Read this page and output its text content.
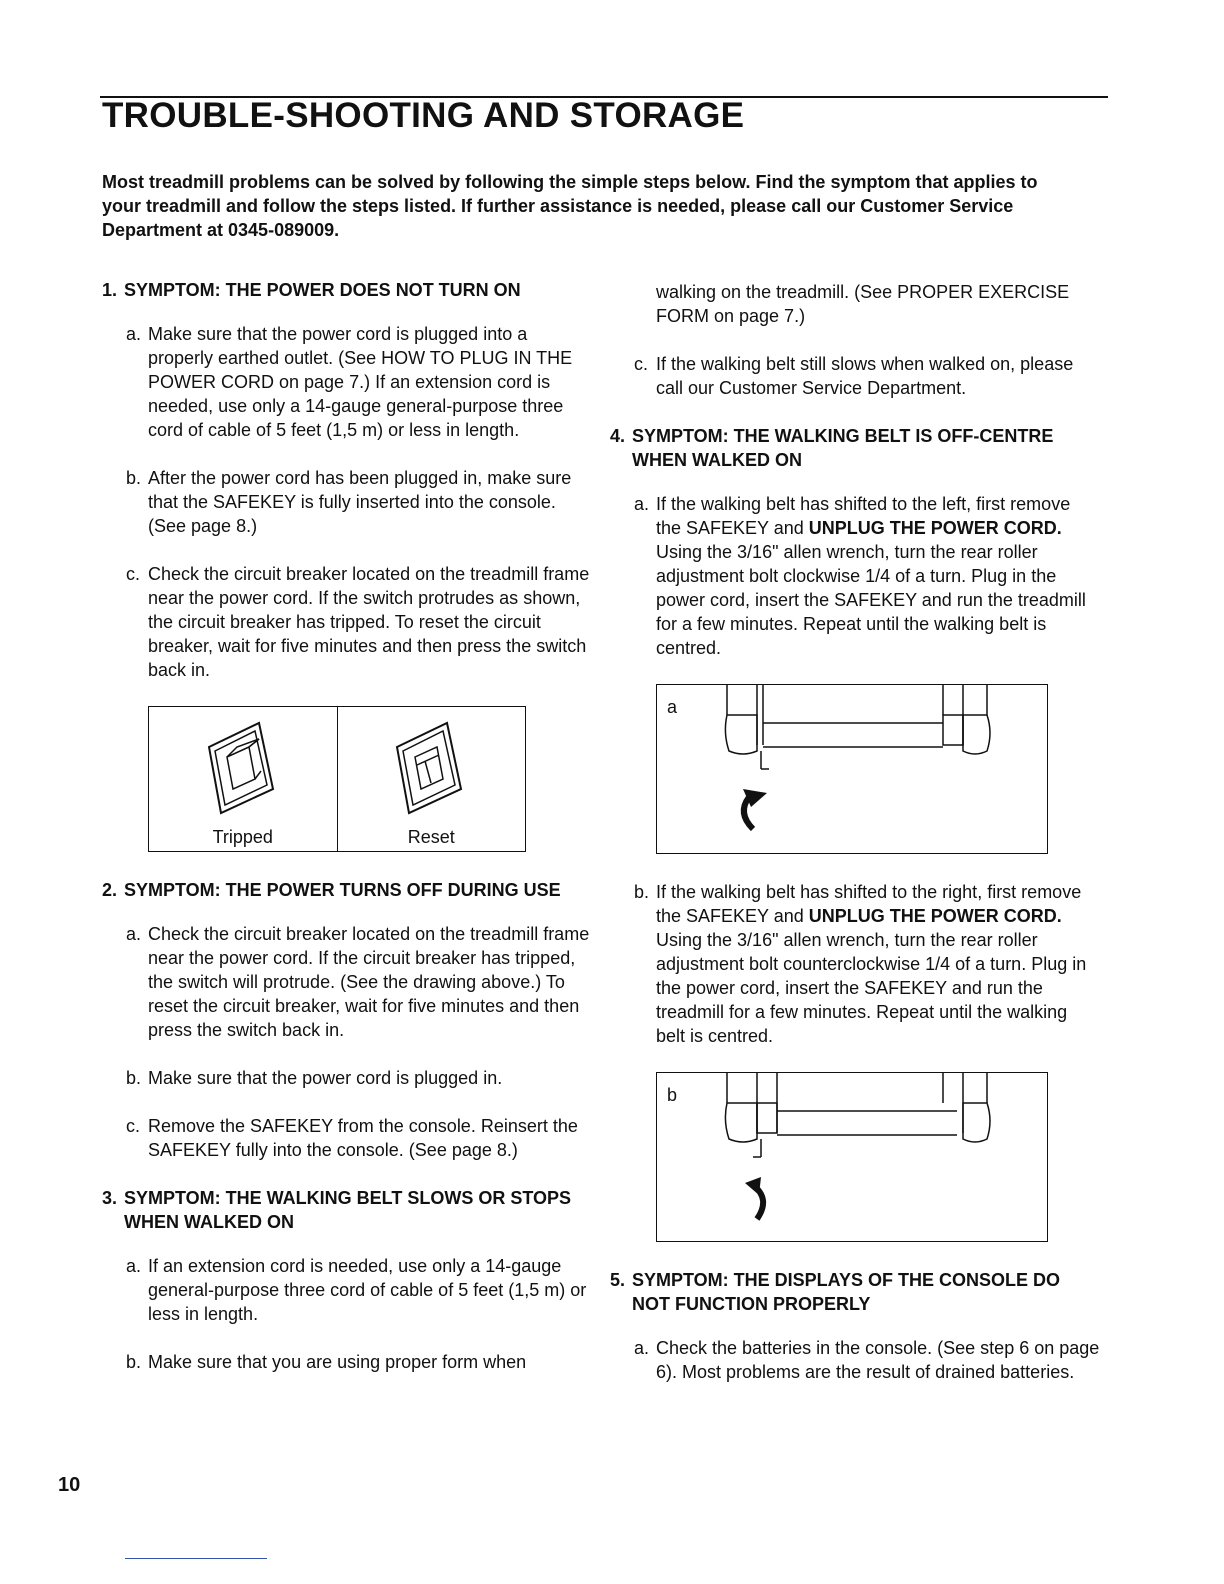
TROUBLE-SHOOTING AND STORAGE

Most treadmill problems can be solved by following the simple steps below. Find the symptom that applies to your treadmill and follow the steps listed. If further assistance is needed, please call our Customer Service Department at 0345-089009.

1. SYMPTOM: THE POWER DOES NOT TURN ON
a. Make sure that the power cord is plugged into a properly earthed outlet. (See HOW TO PLUG IN THE POWER CORD on page 7.) If an extension cord is needed, use only a 14-gauge general-purpose three cord of cable of 5 feet (1,5 m) or less in length.
b. After the power cord has been plugged in, make sure that the SAFEKEY is fully inserted into the console. (See page 8.)
c. Check the circuit breaker located on the treadmill frame near the power cord. If the switch protrudes as shown, the circuit breaker has tripped. To reset the circuit breaker, wait for five minutes and then press the switch back in.
Tripped	Reset
2. SYMPTOM: THE POWER TURNS OFF DURING USE
a. Check the circuit breaker located on the treadmill frame near the power cord. If the circuit breaker has tripped, the switch will protrude. (See the drawing above.) To reset the circuit breaker, wait for five minutes and then press the switch back in.
b. Make sure that the power cord is plugged in.
c. Remove the SAFEKEY from the console. Reinsert the SAFEKEY fully into the console. (See page 8.)
3. SYMPTOM: THE WALKING BELT SLOWS OR STOPS WHEN WALKED ON
a. If an extension cord is needed, use only a 14-gauge general-purpose three cord of cable of 5 feet (1,5 m) or less in length.
b. Make sure that you are using proper form when
walking on the treadmill. (See PROPER EXERCISE FORM on page 7.)
c. If the walking belt still slows when walked on, please call our Customer Service Department.
4. SYMPTOM: THE WALKING BELT IS OFF-CENTRE WHEN WALKED ON
a. If the walking belt has shifted to the left, first remove the SAFEKEY and UNPLUG THE POWER CORD. Using the 3/16" allen wrench, turn the rear roller adjustment bolt clockwise 1/4 of a turn. Plug in the power cord, insert the SAFEKEY and run the treadmill for a few minutes. Repeat until the walking belt is centred.
a
b. If the walking belt has shifted to the right, first remove the SAFEKEY and UNPLUG THE POWER CORD. Using the 3/16" allen wrench, turn the rear roller adjustment bolt counterclockwise 1/4 of a turn. Plug in the power cord, insert the SAFEKEY and run the treadmill for a few minutes. Repeat until the walking belt is centred.
b
5. SYMPTOM: THE DISPLAYS OF THE CONSOLE DO NOT FUNCTION PROPERLY
a. Check the batteries in the console. (See step 6 on page 6). Most problems are the result of drained batteries.
10
